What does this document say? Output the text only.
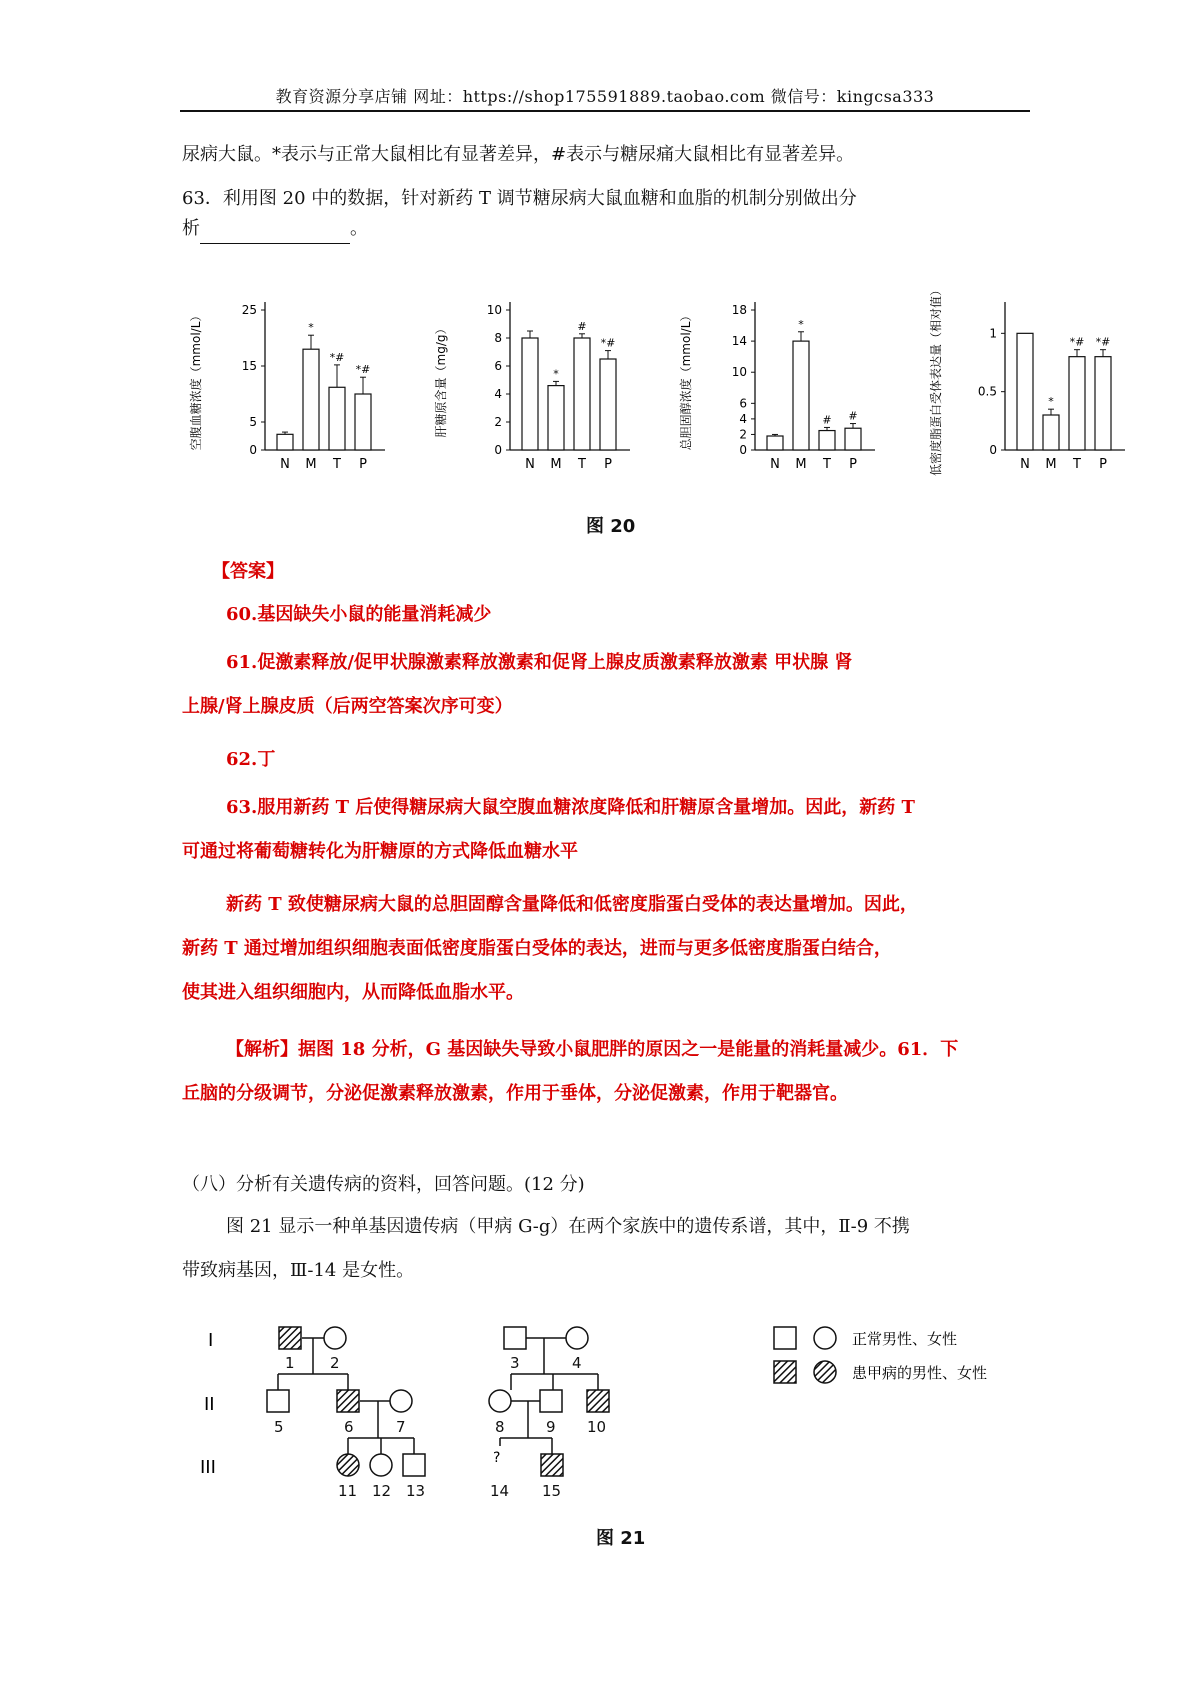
教育资源分享店铺 网址：https://shop175591889.taobao.com 微信号：kingcsa333
尿病大鼠。*表示与正常大鼠相比有显著差异，#表示与糖尿痛大鼠相比有显著差异。
63．利用图 20 中的数据，针对新药 T 调节糖尿病大鼠血糖和血脂的机制分别做出分
析	。
空腹血糖浓度（mmol/L）	0
5
15
25
N
*
M
*#
T
*#
P
肝糖原含量（mg/g）
0
2
4
6
8
10
N
*
M
#
T
*#
P
总胆固醇浓度（mmol/L）	0
2
4
6
10
14
18
N
*
M
#
T
#
P	低密度脂蛋白受体表达量（相对值）	0
0.5
1
N
*
M
*#
T
*#
P
图 20
【答案】
60.基因缺失小鼠的能量消耗减少
61.促激素释放/促甲状腺激素释放激素和促肾上腺皮质激素释放激素 甲状腺 肾
上腺/肾上腺皮质（后两空答案次序可变）
62.丁
63.服用新药 T 后使得糖尿病大鼠空腹血糖浓度降低和肝糖原含量增加。因此，新药 T
可通过将葡萄糖转化为肝糖原的方式降低血糖水平
新药 T 致使糖尿病大鼠的总胆固醇含量降低和低密度脂蛋白受体的表达量增加。因此，
新药 T 通过增加组织细胞表面低密度脂蛋白受体的表达，进而与更多低密度脂蛋白结合，
使其进入组织细胞内，从而降低血脂水平。
【解析】据图 18 分析，G 基因缺失导致小鼠肥胖的原因之一是能量的消耗量减少。61．下
丘脑的分级调节，分泌促激素释放激素，作用于垂体，分泌促激素，作用于靶器官。
（八）分析有关遗传病的资料，回答问题。(12 分)
图 21 显示一种单基因遗传病（甲病 G-g）在两个家族中的遗传系谱，其中，Ⅱ-9 不携
带致病基因，Ⅲ-14 是女性。
I
II
III	?
1 2	3	4
5	6	7	8	9 10
11 12 13	14 15
正常男性、女性
患甲病的男性、女性
图 21
